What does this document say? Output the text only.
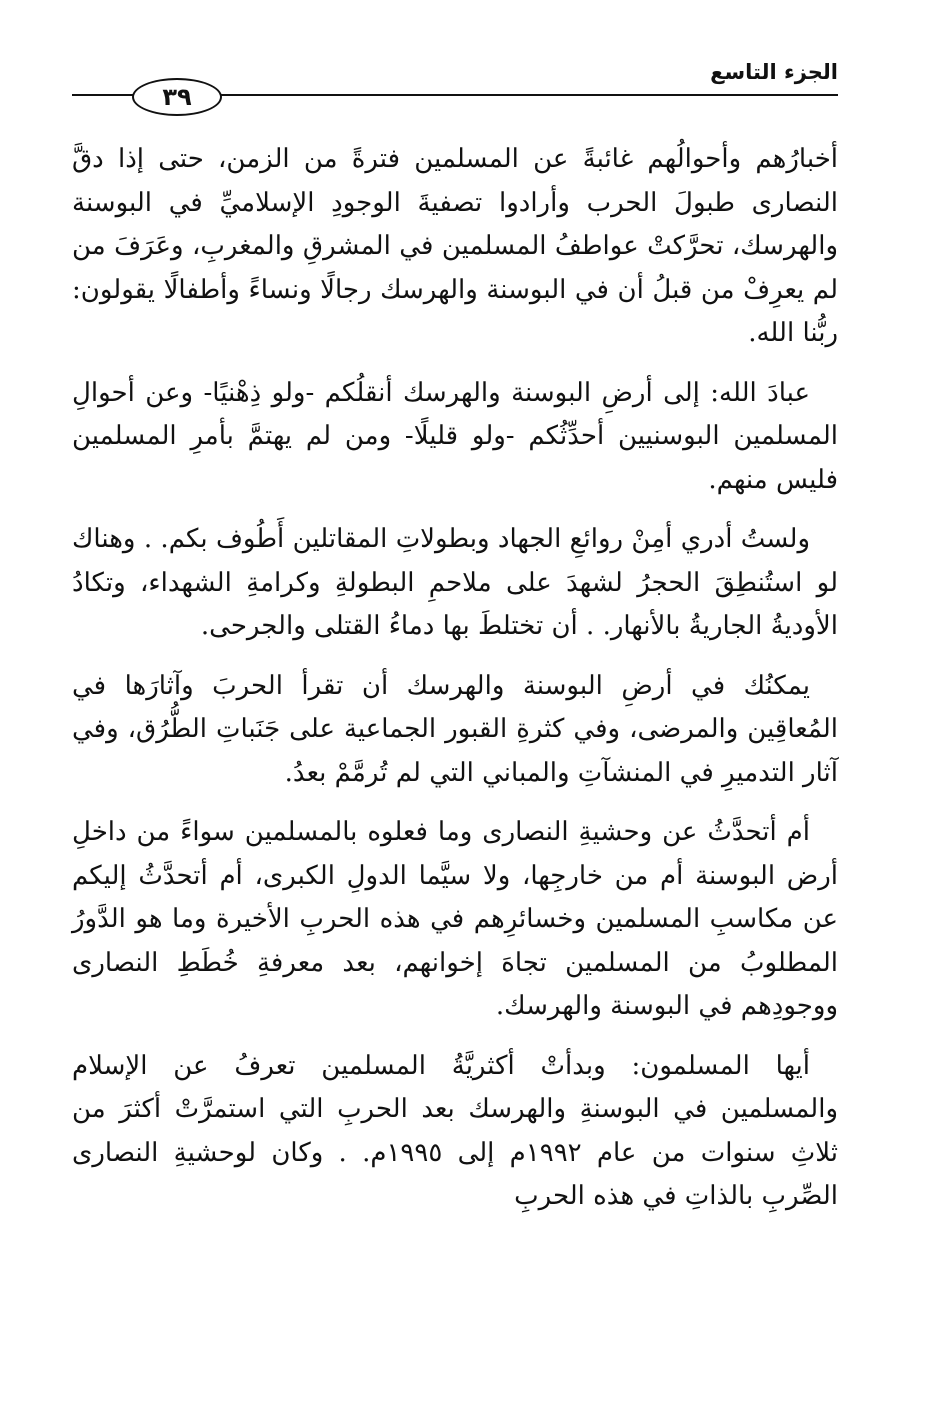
الجزء التاسع
٣٩

أخبارُهم وأحوالُهم غائبةً عن المسلمين فترةً من الزمن، حتى إذا دقَّ النصارى طبولَ الحرب وأرادوا تصفيةَ الوجودِ الإسلاميِّ في البوسنة والهرسك، تحرَّكتْ عواطفُ المسلمين في المشرقِ والمغربِ، وعَرَفَ من لم يعرِفْ من قبلُ أن في البوسنة والهرسك رجالًا ونساءً وأطفالًا يقولون: ربُّنا الله.

عبادَ الله: إلى أرضِ البوسنة والهرسك أنقلُكم -ولو ذِهْنيًا- وعن أحوالِ المسلمين البوسنيين أحدِّثُكم -ولو قليلًا- ومن لم يهتمَّ بأمرِ المسلمين فليس منهم.

ولستُ أدري أمِنْ روائعِ الجهاد وبطولاتِ المقاتلين أَطُوف بكم. . وهناك لو استُنطِقَ الحجرُ لشهدَ على ملاحمِ البطولةِ وكرامةِ الشهداء، وتكادُ الأوديةُ الجاريةُ بالأنهار. . أن تختلطَ بها دماءُ القتلى والجرحى.

يمكنُك في أرضِ البوسنة والهرسك أن تقرأ الحربَ وآثارَها في المُعاقِين والمرضى، وفي كثرةِ القبور الجماعية على جَنَباتِ الطُّرُق، وفي آثار التدميرِ في المنشآتِ والمباني التي لم تُرمَّمْ بعدُ.

أم أتحدَّثُ عن وحشيةِ النصارى وما فعلوه بالمسلمين سواءً من داخلِ أرض البوسنة أم من خارجِها، ولا سيَّما الدولِ الكبرى، أم أتحدَّثُ إليكم عن مكاسبِ المسلمين وخسائرِهم في هذه الحربِ الأخيرة وما هو الدَّورُ المطلوبُ من المسلمين تجاهَ إخوانهم، بعد معرفةِ خُطَطِ النصارى ووجودِهم في البوسنة والهرسك.

أيها المسلمون: وبدأتْ أكثريَّةُ المسلمين تعرفُ عن الإسلام والمسلمين في البوسنةِ والهرسك بعد الحربِ التي استمرَّتْ أكثرَ من ثلاثِ سنوات من عام ١٩٩٢م إلى ١٩٩٥م. . وكان لوحشيةِ النصارى الصِّربِ بالذاتِ في هذه الحربِ
